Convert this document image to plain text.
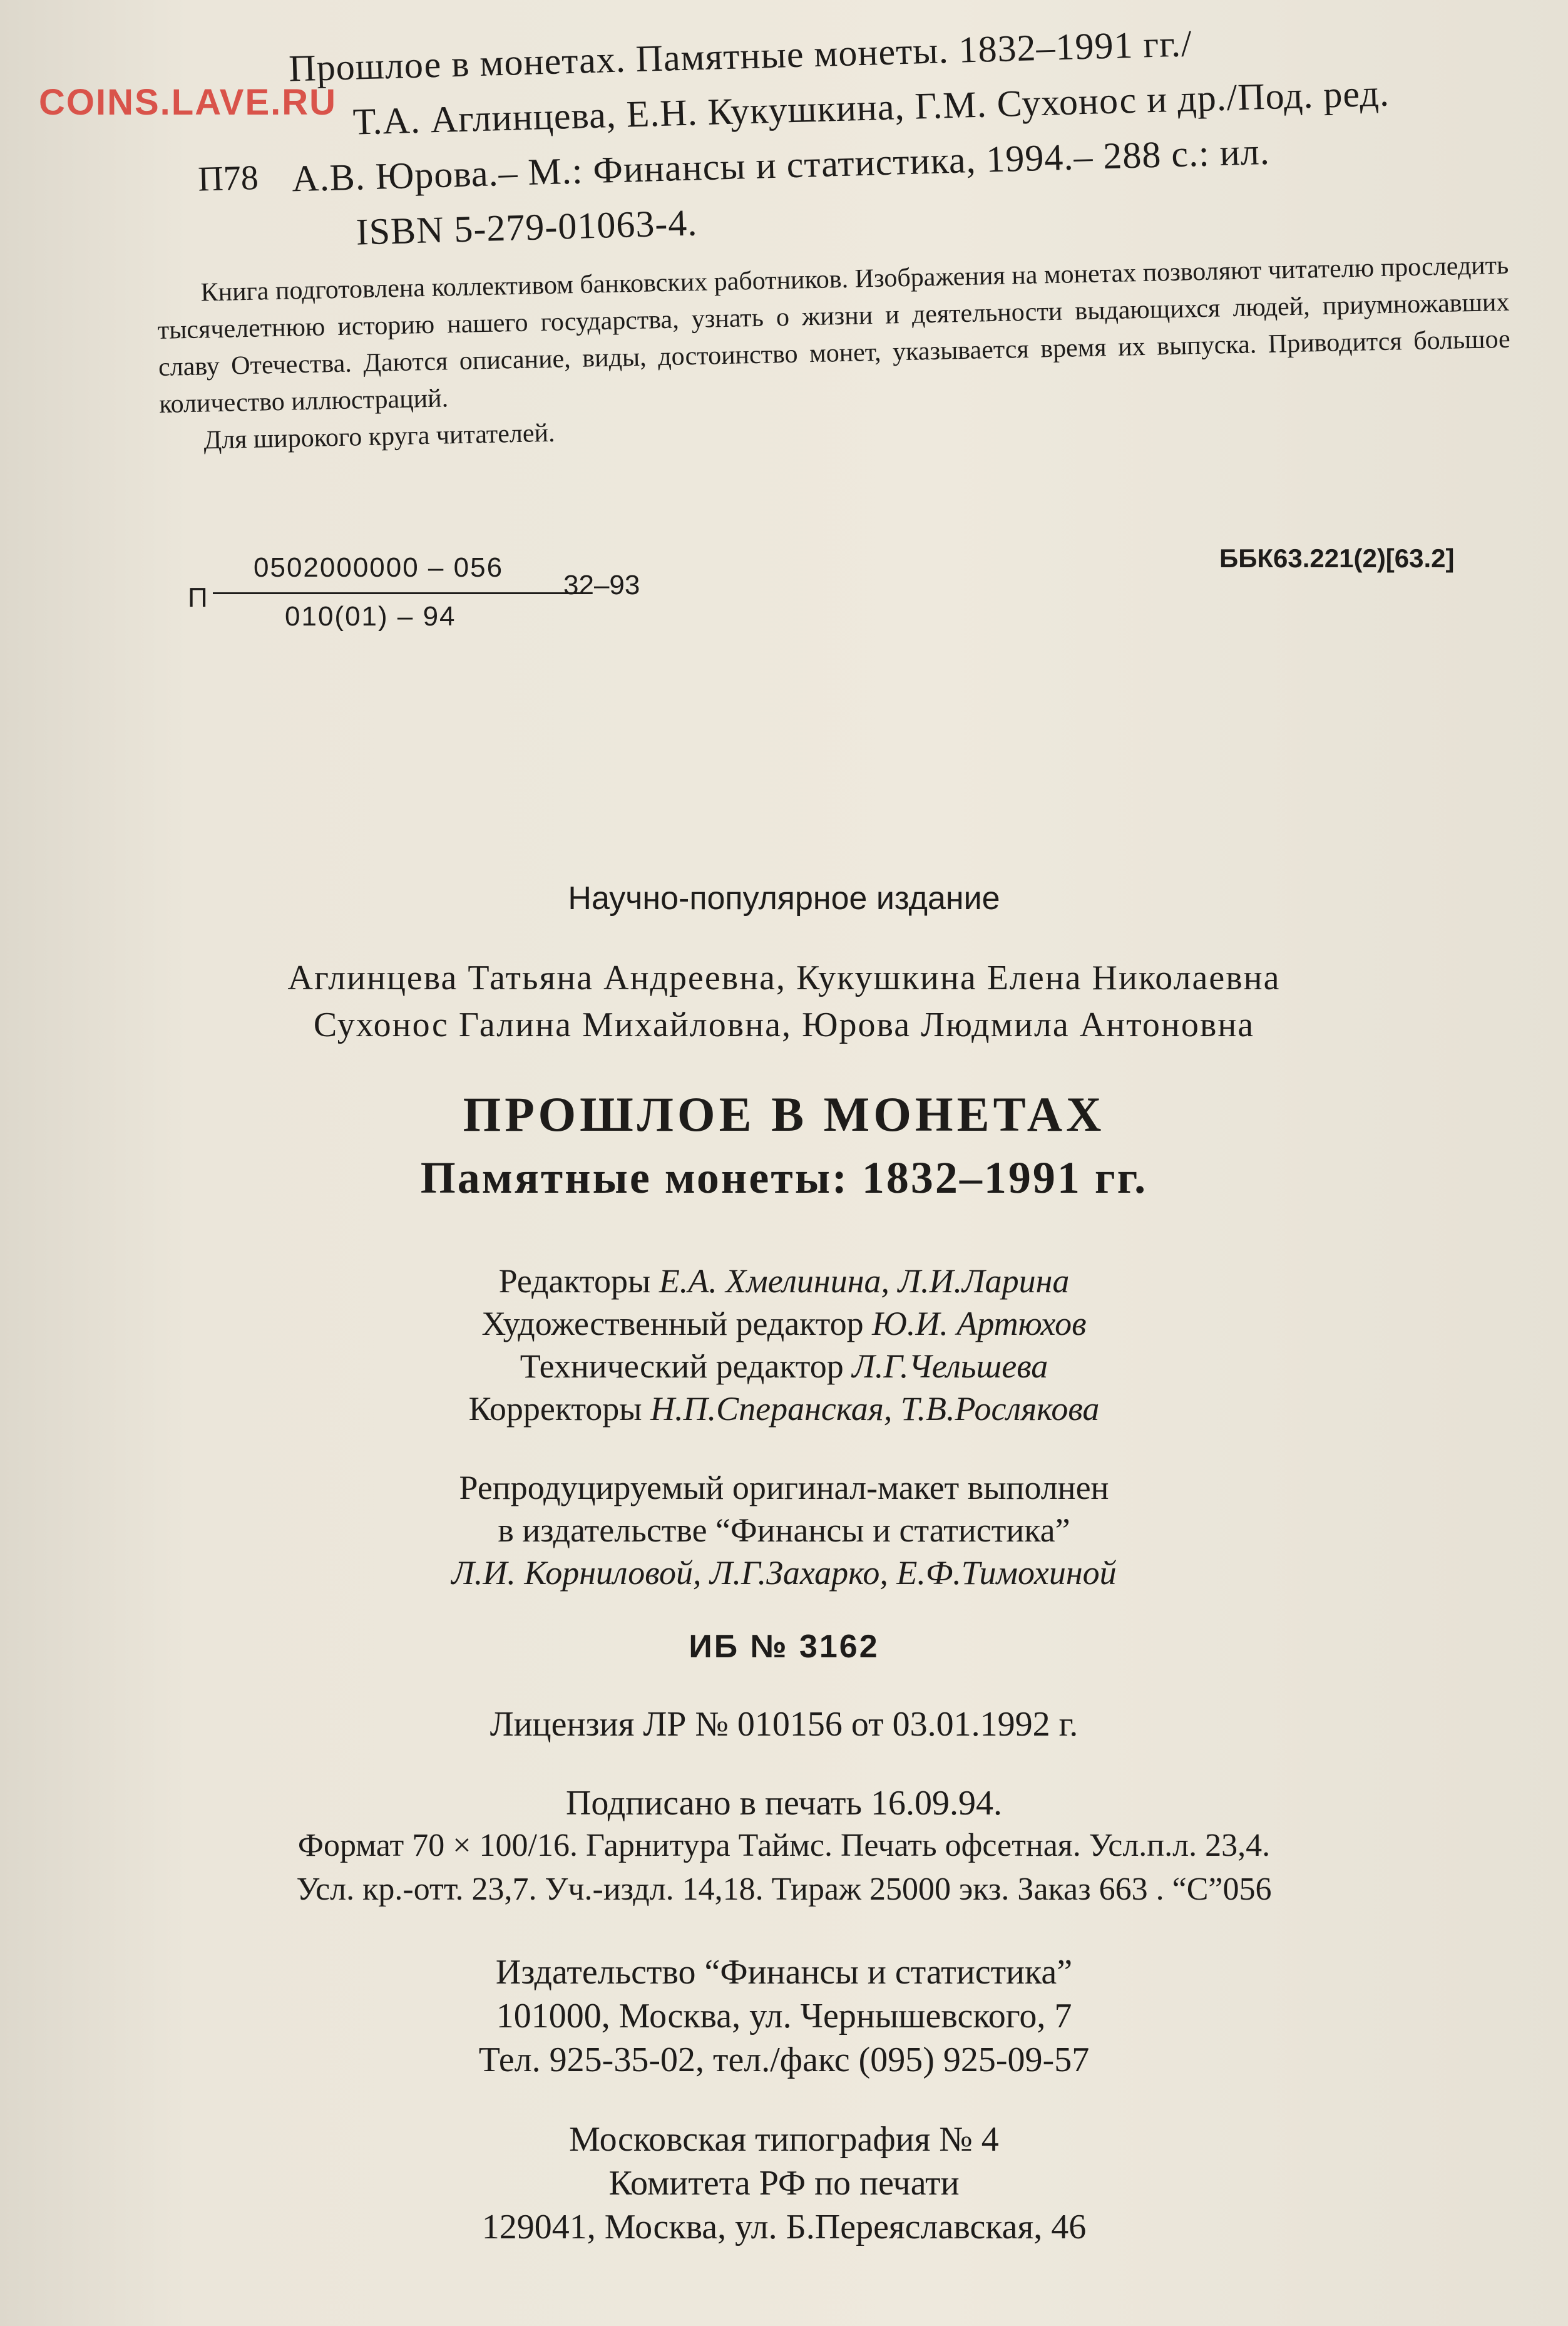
COINS.LAVE.RU
П78
Прошлое в монетах. Памятные монеты. 1832–1991 гг./
Т.А. Аглинцева, Е.Н. Кукушкина, Г.М. Сухонос и др./Под. ред.
А.В. Юрова.– М.: Финансы и статистика, 1994.– 288 с.: ил.
ISBN 5-279-01063-4.

Книга подготовлена коллективом банковских работников. Изображения на монетах позволяют читателю проследить тысячелетнюю историю нашего государства, узнать о жизни и деятельности выдающихся людей, приумножавших славу Отечества. Даются описание, виды, достоинство монет, указывается время их выпуска. Приводится большое количество иллюстраций.

Для широкого круга читателей.

П
0502000000 – 056
010(01) – 94
32–93
ББК63.221(2)[63.2]
Научно-популярное издание
Аглинцева Татьяна Андреевна, Кукушкина Елена Николаевна
Сухонос Галина Михайловна, Юрова Людмила Антоновна
ПРОШЛОЕ В МОНЕТАХ
Памятные монеты: 1832–1991 гг.
Редакторы Е.А. Хмелинина, Л.И.Ларина
Художественный редактор Ю.И. Артюхов
Технический редактор Л.Г.Чельшева
Корректоры Н.П.Сперанская, Т.В.Рослякова
Репродуцируемый оригинал-макет выполнен
в издательстве “Финансы и статистика”
Л.И. Корниловой, Л.Г.Захарко, Е.Ф.Тимохиной
ИБ № 3162
Лицензия ЛР № 010156 от 03.01.1992 г.
Подписано в печать 16.09.94.
Формат 70 × 100/16. Гарнитура Таймс. Печать офсетная. Усл.п.л. 23,4.
Усл. кр.-отт. 23,7. Уч.-издл. 14,18. Тираж 25000 экз. Заказ 663 . “С”056
Издательство “Финансы и статистика”
101000, Москва, ул. Чернышевского, 7
Тел. 925-35-02, тел./факс (095) 925-09-57
Московская типография № 4
Комитета РФ по печати
129041, Москва, ул. Б.Переяславская, 46
